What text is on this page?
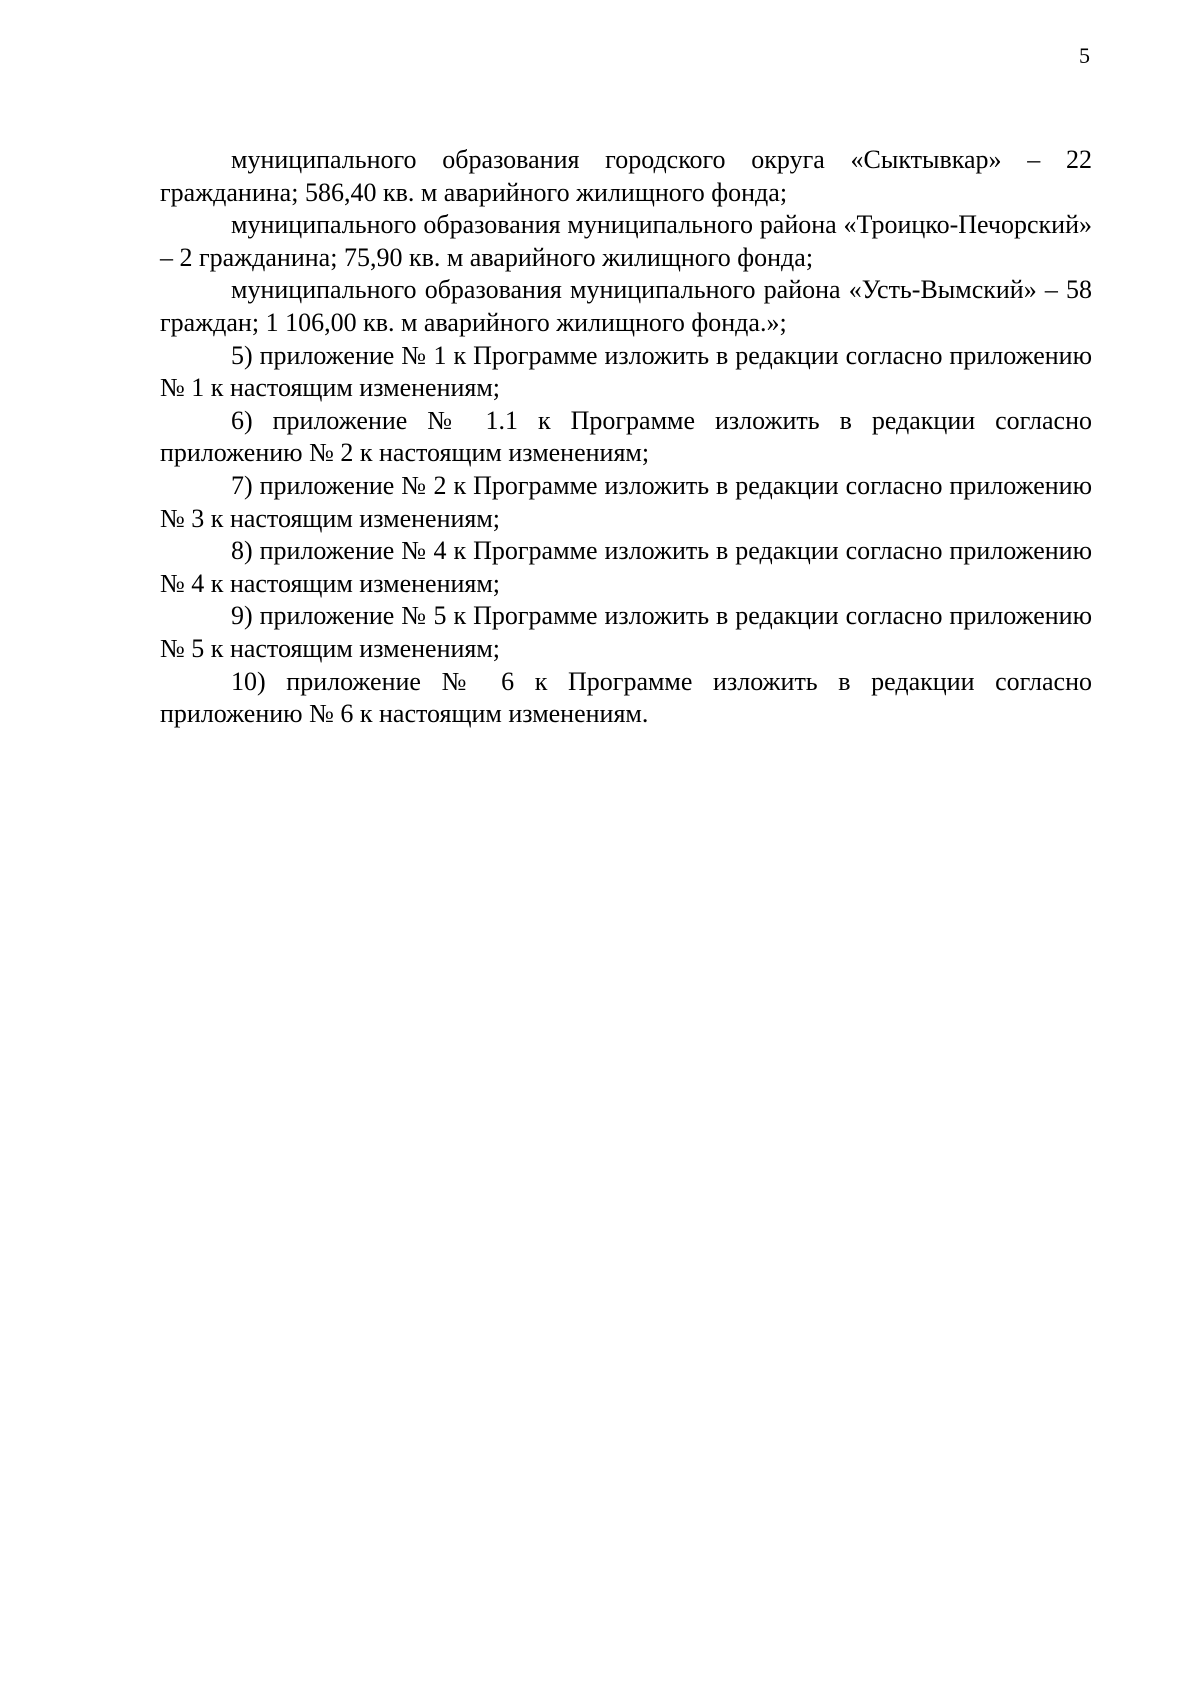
5

муниципального образования городского округа «Сыктывкар» – 22 гражданина; 586,40 кв. м аварийного жилищного фонда;

муниципального образования муниципального района «Троицко-Печорский» – 2 гражданина; 75,90 кв. м аварийного жилищного фонда;

муниципального образования муниципального района «Усть-Вымский» – 58 граждан; 1 106,00 кв. м аварийного жилищного фонда.»;

5) приложение № 1 к Программе изложить в редакции согласно приложению № 1 к настоящим изменениям;

6) приложение № 1.1 к Программе изложить в редакции согласно приложению № 2 к настоящим изменениям;

7) приложение № 2 к Программе изложить в редакции согласно приложению № 3 к настоящим изменениям;

8) приложение № 4 к Программе изложить в редакции согласно приложению № 4 к настоящим изменениям;

9) приложение № 5 к Программе изложить в редакции согласно приложению № 5 к настоящим изменениям;

10) приложение № 6 к Программе изложить в редакции согласно приложению № 6 к настоящим изменениям.
